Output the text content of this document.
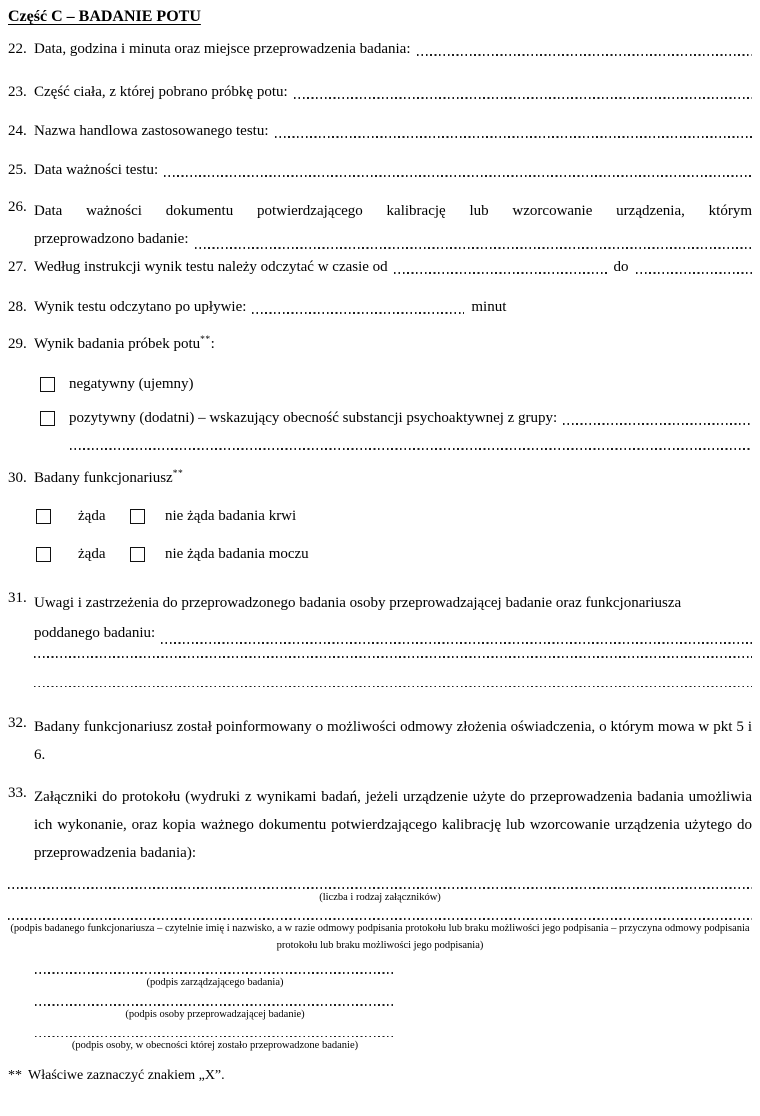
Część C – BADANIE POTU
22. Data, godzina i minuta oraz miejsce przeprowadzenia badania:
23. Część ciała, z której pobrano próbkę potu:
24. Nazwa handlowa zastosowanego testu:
25. Data ważności testu:
26. Data ważności dokumentu potwierdzającego kalibrację lub wzorcowanie urządzenia, którym
przeprowadzono badanie:
27. Według instrukcji wynik testu należy odczytać w czasie od	do
28. Wynik testu odczytano po upływie:	minut
29. Wynik badania próbek potu**:
negatywny (ujemny)
pozytywny (dodatni) – wskazujący obecność substancji psychoaktywnej z grupy:
30. Badany funkcjonariusz**
żąda	nie żąda badania krwi
żąda	nie żąda badania moczu
31. Uwagi i zastrzeżenia do przeprowadzonego badania osoby przeprowadzającej badanie oraz funkcjonariusza
poddanego badaniu:
32. Badany funkcjonariusz został poinformowany o możliwości odmowy złożenia oświadczenia, o którym mowa w pkt 5 i 6.
33. Załączniki do protokołu (wydruki z wynikami badań, jeżeli urządzenie użyte do przeprowadzenia badania umożliwia ich wykonanie, oraz kopia ważnego dokumentu potwierdzającego kalibrację lub wzorcowanie urządzenia użytego do przeprowadzenia badania):
(liczba i rodzaj załączników)
(podpis badanego funkcjonariusza – czytelnie imię i nazwisko, a w razie odmowy podpisania protokołu lub braku możliwości jego podpisania – przyczyna odmowy podpisania protokołu lub braku możliwości jego podpisania)
(podpis zarządzającego badania)
(podpis osoby przeprowadzającej badanie)
(podpis osoby, w obecności której zostało przeprowadzone badanie)
** Właściwe zaznaczyć znakiem „X”.
